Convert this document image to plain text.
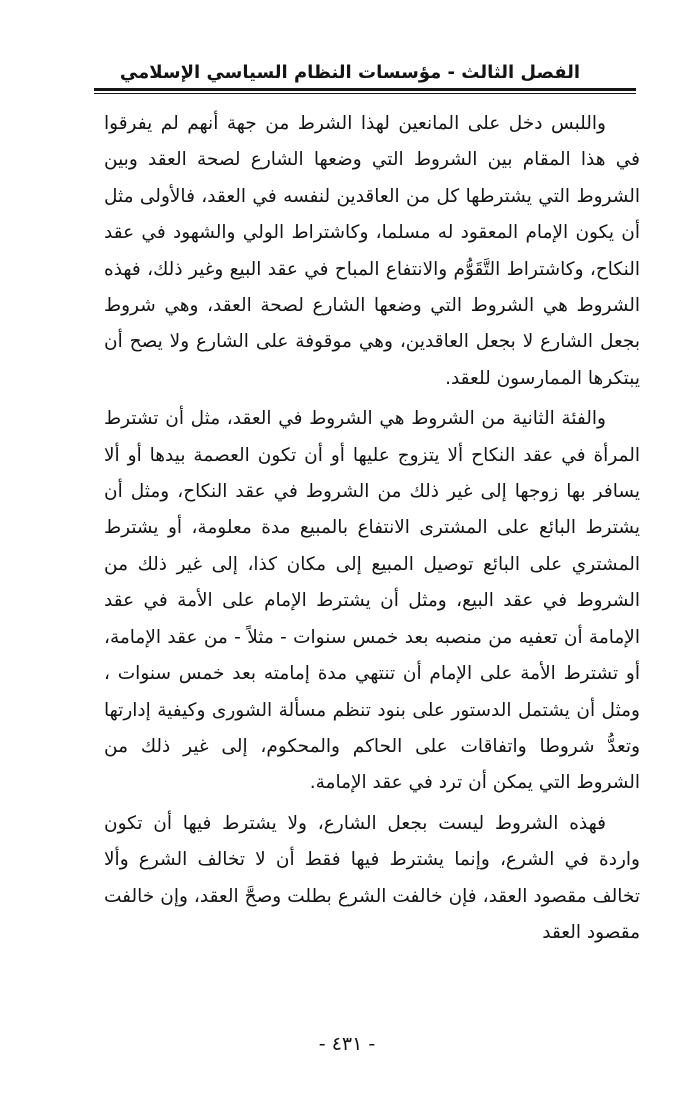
الفصل الثالث - مؤسسات النظام السياسي الإسلامي

واللبس دخل على المانعين لهذا الشرط من جهة أنهم لم يفرقوا في هذا المقام بين الشروط التي وضعها الشارع لصحة العقد وبين الشروط التي يشترطها كل من العاقدين لنفسه في العقد، فالأولى مثل أن يكون الإمام المعقود له مسلما، وكاشتراط الولي والشهود في عقد النكاح، وكاشتراط التَّقَوُّم والانتفاع المباح في عقد البيع وغير ذلك، فهذه الشروط هي الشروط التي وضعها الشارع لصحة العقد، وهي شروط بجعل الشارع لا بجعل العاقدين، وهي موقوفة على الشارع ولا يصح أن يبتكرها الممارسون للعقد.

والفئة الثانية من الشروط هي الشروط في العقد، مثل أن تشترط المرأة في عقد النكاح ألا يتزوج عليها أو أن تكون العصمة بيدها أو ألا يسافر بها زوجها إلى غير ذلك من الشروط في عقد النكاح، ومثل أن يشترط البائع على المشترى الانتفاع بالمبيع مدة معلومة، أو يشترط المشتري على البائع توصيل المبيع إلى مكان كذا، إلى غير ذلك من الشروط في عقد البيع، ومثل أن يشترط الإمام على الأمة في عقد الإمامة أن تعفيه من منصبه بعد خمس سنوات - مثلاً - من عقد الإمامة، أو تشترط الأمة على الإمام أن تنتهي مدة إمامته بعد خمس سنوات ، ومثل أن يشتمل الدستور على بنود تنظم مسألة الشورى وكيفية إدارتها وتعدُّ شروطا واتفاقات على الحاكم والمحكوم، إلى غير ذلك من الشروط التي يمكن أن ترد في عقد الإمامة.

فهذه الشروط ليست بجعل الشارع، ولا يشترط فيها أن تكون واردة في الشرع، وإنما يشترط فيها فقط أن لا تخالف الشرع وألا تخالف مقصود العقد، فإن خالفت الشرع بطلت وصحَّ العقد، وإن خالفت مقصود العقد

- ٤٣١ -
